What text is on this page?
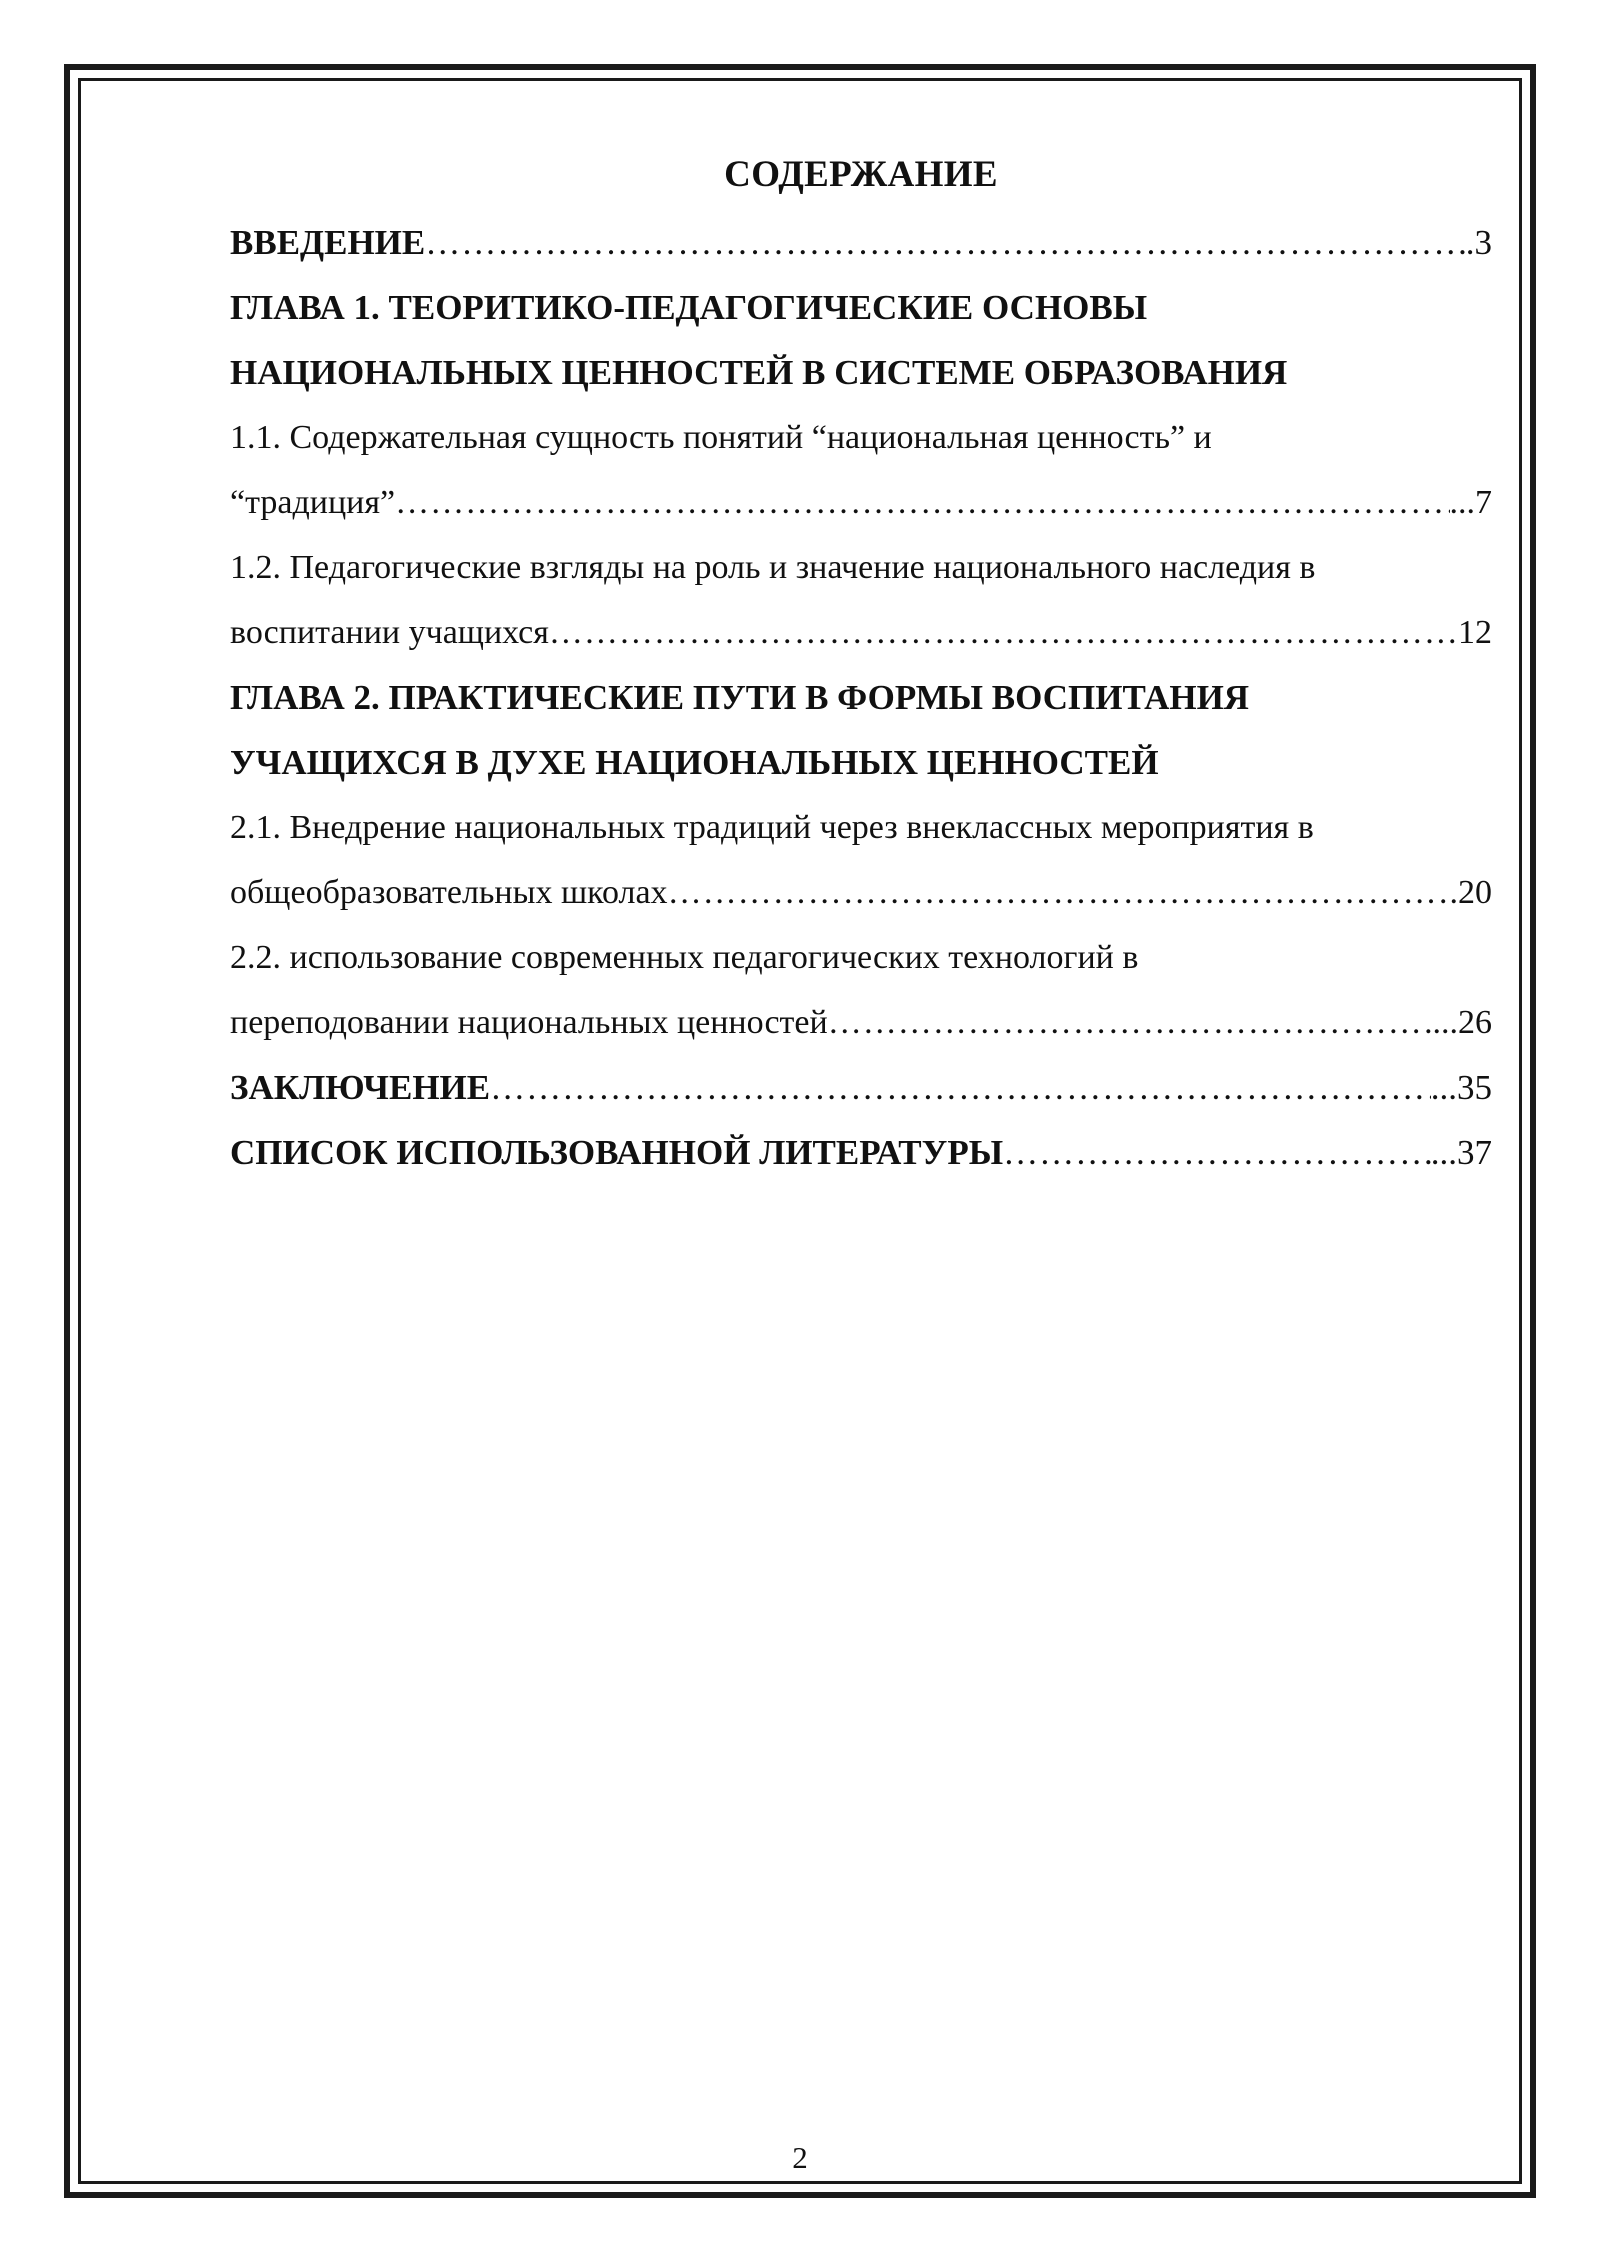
СОДЕРЖАНИЕ
ВВЕДЕНИЕ ……………………………………………………………………………………………………………………………………………………………………………………………………………………	.3
ГЛАВА 1. ТЕОРИТИКО-ПЕДАГОГИЧЕСКИЕ ОСНОВЫ
НАЦИОНАЛЬНЫХ ЦЕННОСТЕЙ В СИСТЕМЕ ОБРАЗОВАНИЯ
1.1. Содержательная сущность понятий “национальная ценность” и
“традиция” ……………………………………………………………………………………………………………………………………………………………………………………………………………………	...7
1.2. Педагогические взгляды на роль и значение национального наследия в
воспитании учащихся ……………………………………………………………………………………………………………………………………………………………………………………………………………………	12
ГЛАВА 2. ПРАКТИЧЕСКИЕ ПУТИ В ФОРМЫ ВОСПИТАНИЯ
УЧАЩИХСЯ В ДУХЕ НАЦИОНАЛЬНЫХ ЦЕННОСТЕЙ
2.1. Внедрение национальных традиций через внеклассных мероприятия в
общеобразовательных школах ……………………………………………………………………………………………………………………………………………………………………………………………………………………	.20
2.2. использование современных педагогических технологий в
переподовании национальных ценностей ……………………………………………………………………………………………………………………………………………………………………………………………………………………	...26
ЗАКЛЮЧЕНИЕ ……………………………………………………………………………………………………………………………………………………………………………………………………………………	...35
СПИСОК ИСПОЛЬЗОВАННОЙ ЛИТЕРАТУРЫ ……………………………………………………………………………………………………………………………………………………………………………………………………………………	...37
2
